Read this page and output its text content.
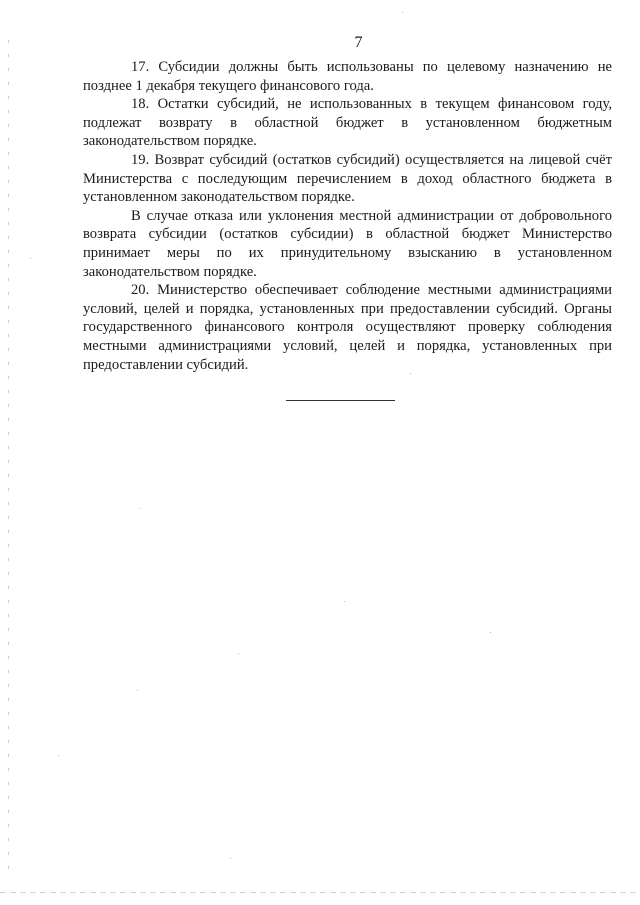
7

17. Субсидии должны быть использованы по целевому назначению не позднее 1 декабря текущего финансового года.

18. Остатки субсидий, не использованных в текущем финансовом году, подлежат возврату в областной бюджет в установленном бюджетным законодательством порядке.

19. Возврат субсидий (остатков субсидий) осуществляется на лицевой счёт Министерства с последующим перечислением в доход областного бюджета в установленном законодательством порядке.

В случае отказа или уклонения местной администрации от добровольного возврата субсидии (остатков субсидии) в областной бюджет Министерство принимает меры по их принудительному взысканию в установленном законодательством порядке.

20. Министерство обеспечивает соблюдение местными администрациями условий, целей и порядка, установленных при предоставлении субсидий. Органы государственного финансового контроля осуществляют проверку соблюдения местными администрациями условий, целей и порядка, установленных при предоставлении субсидий.
